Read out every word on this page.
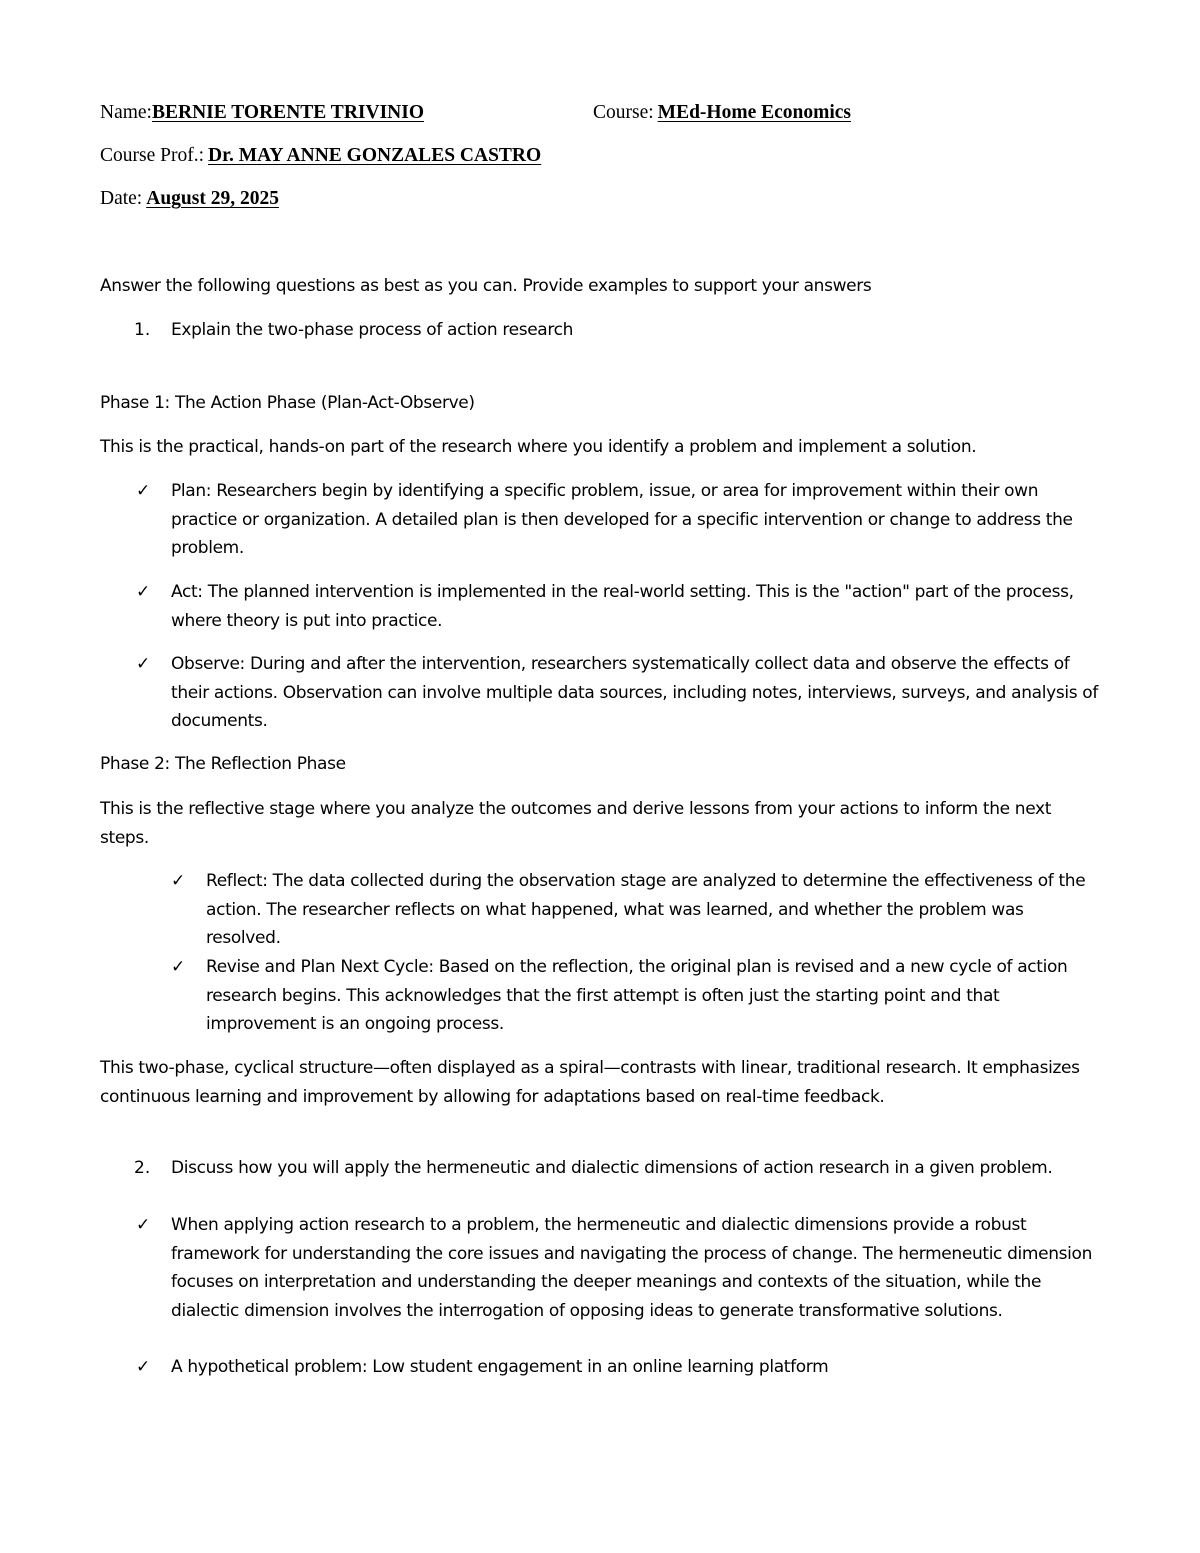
Name:BERNIE TORENTE TRIVINIO	Course: MEd-Home Economics
Course Prof.: Dr. MAY ANNE GONZALES CASTRO
Date: August 29, 2025
Answer the following questions as best as you can. Provide examples to support your answers
1. Explain the two-phase process of action research
Phase 1: The Action Phase (Plan-Act-Observe)
This is the practical, hands-on part of the research where you identify a problem and implement a solution.
✓ Plan: Researchers begin by identifying a specific problem, issue, or area for improvement within their own practice or organization. A detailed plan is then developed for a specific intervention or change to address the problem.
✓ Act: The planned intervention is implemented in the real-world setting. This is the "action" part of the process, where theory is put into practice.
✓ Observe: During and after the intervention, researchers systematically collect data and observe the effects of their actions. Observation can involve multiple data sources, including notes, interviews, surveys, and analysis of documents.
Phase 2: The Reflection Phase
This is the reflective stage where you analyze the outcomes and derive lessons from your actions to inform the next steps.
✓ Reflect: The data collected during the observation stage are analyzed to determine the effectiveness of the action. The researcher reflects on what happened, what was learned, and whether the problem was resolved.
✓ Revise and Plan Next Cycle: Based on the reflection, the original plan is revised and a new cycle of action research begins. This acknowledges that the first attempt is often just the starting point and that improvement is an ongoing process.
This two-phase, cyclical structure—often displayed as a spiral—contrasts with linear, traditional research. It emphasizes continuous learning and improvement by allowing for adaptations based on real-time feedback.
2. Discuss how you will apply the hermeneutic and dialectic dimensions of action research in a given problem.
✓ When applying action research to a problem, the hermeneutic and dialectic dimensions provide a robust framework for understanding the core issues and navigating the process of change. The hermeneutic dimension focuses on interpretation and understanding the deeper meanings and contexts of the situation, while the dialectic dimension involves the interrogation of opposing ideas to generate transformative solutions.
✓ A hypothetical problem: Low student engagement in an online learning platform
